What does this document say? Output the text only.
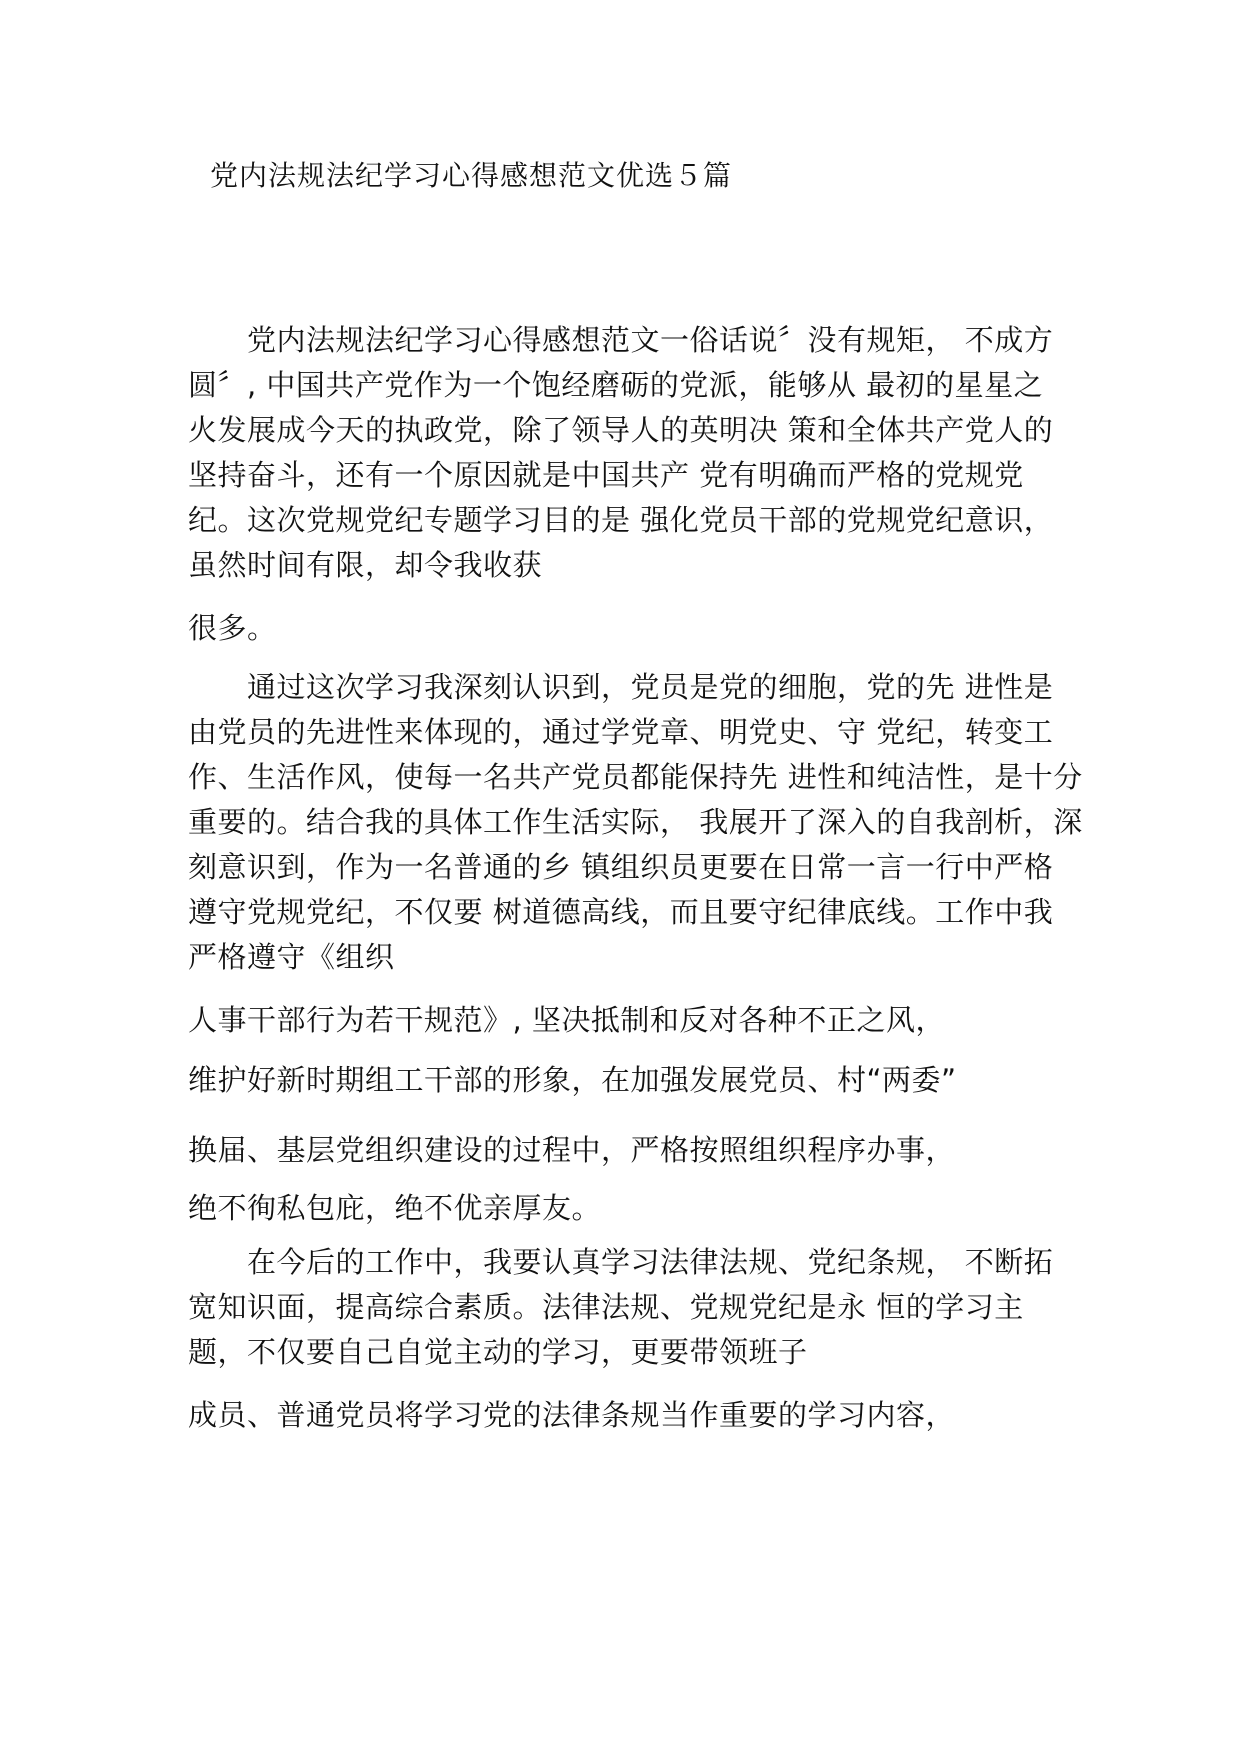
党内法规法纪学习心得感想范文优选５篇
　　党内法规法纪学习心得感想范文一俗话说〞没有规矩， 不成方
圆〞, 中国共产党作为一个饱经磨砺的党派，能够从 最初的星星之
火发展成今天的执政党，除了领导人的英明决 策和全体共产党人的
坚持奋斗，还有一个原因就是中国共产 党有明确而严格的党规党
纪。这次党规党纪专题学习目的是 强化党员干部的党规党纪意识，
虽然时间有限，却令我收获
很多。
　　通过这次学习我深刻认识到，党员是党的细胞，党的先 进性是
由党员的先进性来体现的，通过学党章、明党史、守 党纪，转变工
作、生活作风，使每一名共产党员都能保持先 进性和纯洁性，是十分
重要的。结合我的具体工作生活实际， 我展开了深入的自我剖析，深
刻意识到，作为一名普通的乡 镇组织员更要在日常一言一行中严格
遵守党规党纪，不仅要 树道德高线，而且要守纪律底线。工作中我
严格遵守《组织
人事干部行为若干规范》, 坚决抵制和反对各种不正之风，
维护好新时期组工干部的形象，在加强发展党员、村“两委”
换届、基层党组织建设的过程中，严格按照组织程序办事，
绝不徇私包庇，绝不优亲厚友。
　　在今后的工作中，我要认真学习法律法规、党纪条规， 不断拓
宽知识面，提高综合素质。法律法规、党规党纪是永 恒的学习主
题，不仅要自己自觉主动的学习，更要带领班子
成员、普通党员将学习党的法律条规当作重要的学习内容，
